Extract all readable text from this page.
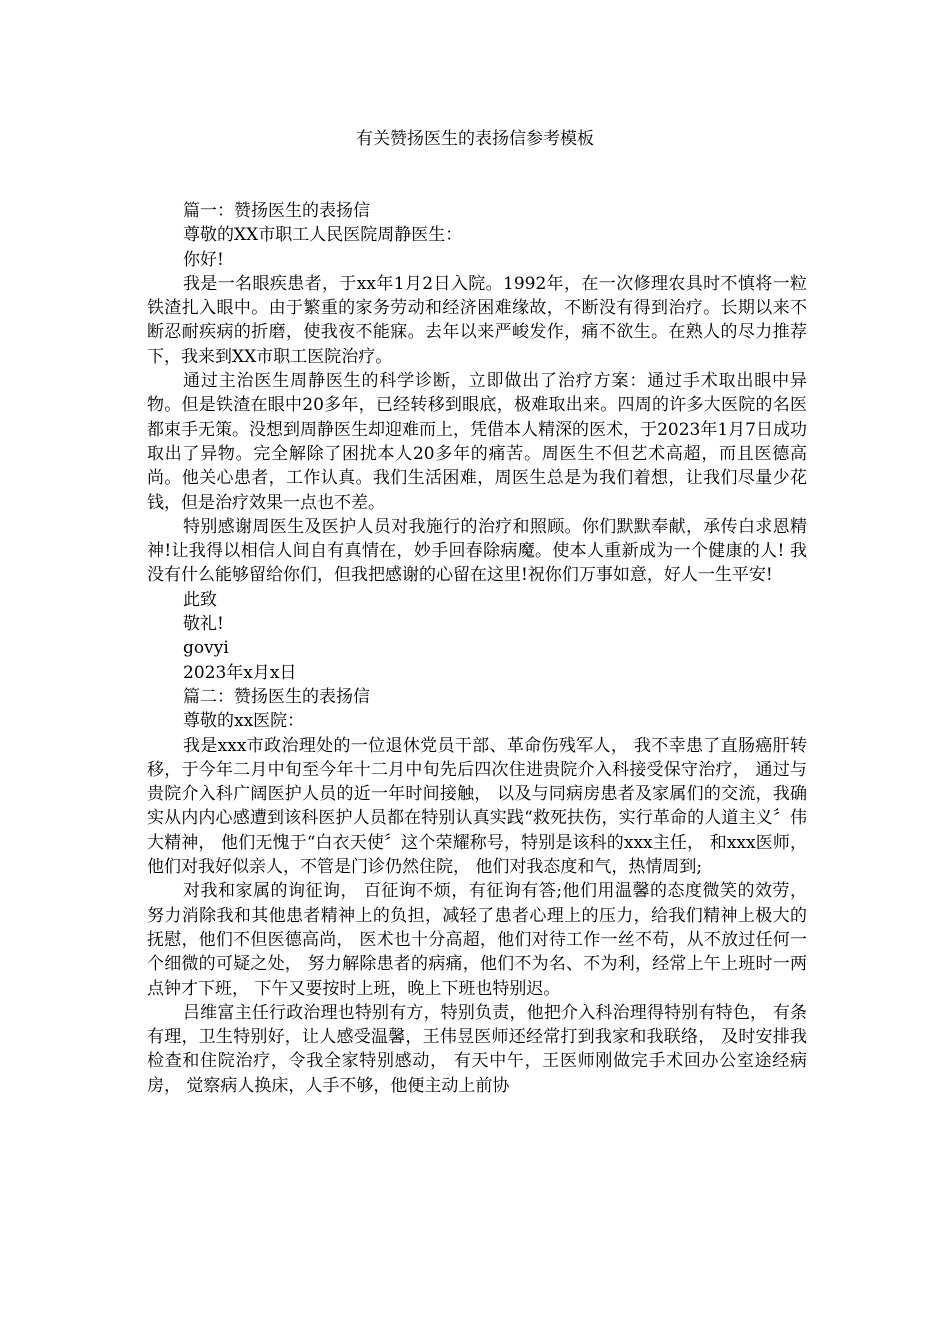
有关赞扬医生的表扬信参考模板

篇一：赞扬医生的表扬信

尊敬的XX市职工人民医院周静医生：

你好!

我是一名眼疾患者，于xx年1月2日入院。1992年，在一次修理农具时不慎将一粒铁渣扎入眼中。由于繁重的家务劳动和经济困难缘故，不断没有得到治疗。长期以来不断忍耐疾病的折磨，使我夜不能寐。去年以来严峻发作，痛不欲生。在熟人的尽力推荐下，我来到XX市职工医院治疗。

通过主治医生周静医生的科学诊断，立即做出了治疗方案：通过手术取出眼中异物。但是铁渣在眼中20多年，已经转移到眼底，极难取出来。四周的许多大医院的名医都束手无策。没想到周静医生却迎难而上，凭借本人精深的医术，于2023年1月7日成功取出了异物。完全解除了困扰本人20多年的痛苦。周医生不但艺术高超，而且医德高尚。他关心患者，工作认真。我们生活困难，周医生总是为我们着想，让我们尽量少花钱，但是治疗效果一点也不差。

特别感谢周医生及医护人员对我施行的治疗和照顾。你们默默奉献，承传白求恩精神!让我得以相信人间自有真情在，妙手回春除病魔。使本人重新成为一个健康的人! 我没有什么能够留给你们，但我把感谢的心留在这里!祝你们万事如意，好人一生平安!

此致

敬礼!

govyi

2023年x月x日

篇二：赞扬医生的表扬信

尊敬的xx医院：

我是xxx市政治理处的一位退休党员干部、革命伤残军人， 我不幸患了直肠癌肝转移，于今年二月中旬至今年十二月中旬先后四次住进贵院介入科接受保守治疗， 通过与贵院介入科广阔医护人员的近一年时间接触， 以及与同病房患者及家属们的交流，我确实从内内心感遭到该科医护人员都在特别认真实践“救死扶伤，实行革命的人道主义〞伟大精神， 他们无愧于“白衣天使〞这个荣耀称号，特别是该科的xxx主任， 和xxx医师，他们对我好似亲人，不管是门诊仍然住院， 他们对我态度和气，热情周到;

对我和家属的询征询， 百征询不烦，有征询有答;他们用温馨的态度微笑的效劳， 努力消除我和其他患者精神上的负担，减轻了患者心理上的压力，给我们精神上极大的抚慰，他们不但医德高尚， 医术也十分高超，他们对待工作一丝不苟，从不放过任何一个细微的可疑之处， 努力解除患者的病痛，他们不为名、不为利，经常上午上班时一两点钟才下班， 下午又要按时上班，晚上下班也特别迟。

吕维富主任行政治理也特别有方，特别负责，他把介入科治理得特别有特色， 有条有理，卫生特别好，让人感受温馨，王伟昱医师还经常打到我家和我联络， 及时安排我检查和住院治疗，令我全家特别感动， 有天中午，王医师刚做完手术回办公室途经病房， 觉察病人换床，人手不够，他便主动上前协
